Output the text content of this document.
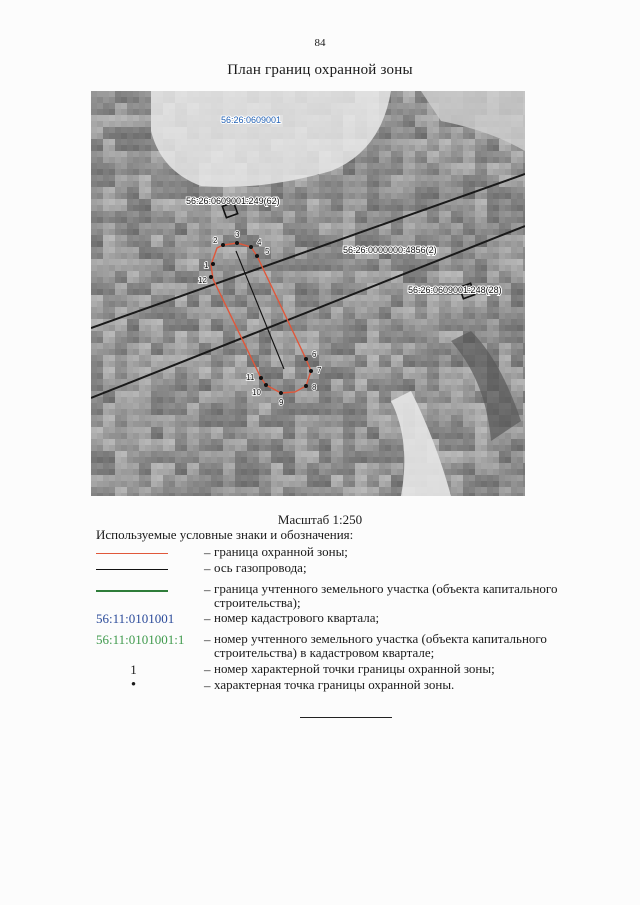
84
План границ охранной зоны
1
2
3
4
5
6
7
8
9
10
11
12
56:26:0609001
56:26:0609001:249(62)
56:26:0000000:4856(2)
56:26:0609001:248(28)
Масштаб 1:250
Используемые условные знаки и обозначения:
– граница охранной зоны;
– ось газопровода;
– граница учтенного земельного участка (объекта капитального строительства);
56:11:0101001 – номер кадастрового квартала;
56:11:0101001:1	– номер учтенного земельного участка (объекта капитального строительства) в кадастровом квартале;
1	– номер характерной точки границы охранной зоны;
•	– характерная точка границы охранной зоны.
